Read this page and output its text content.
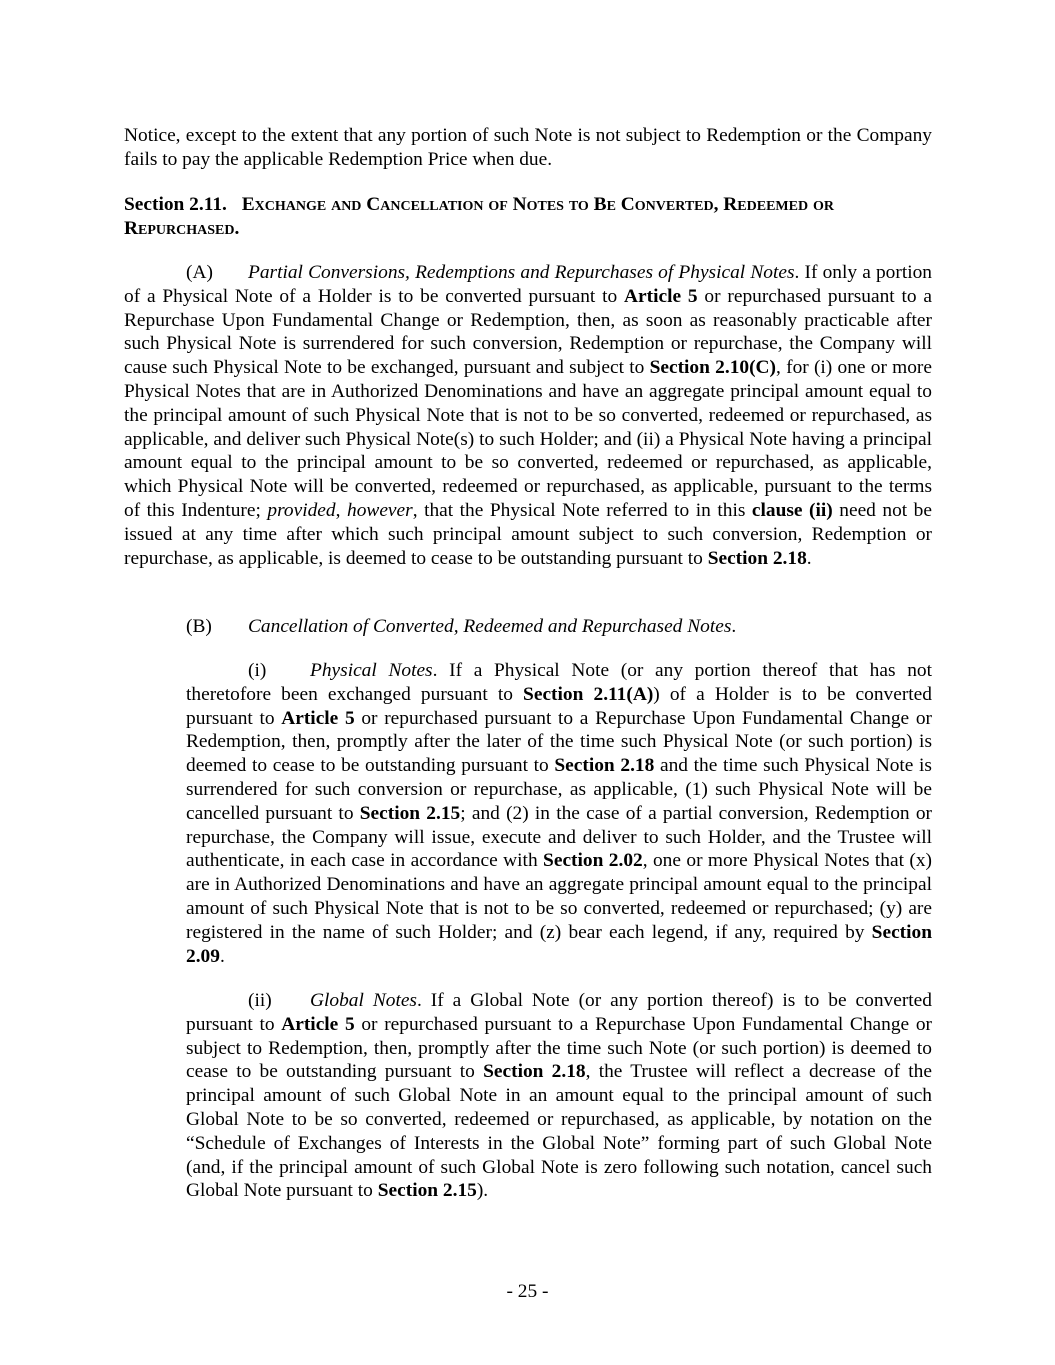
Notice, except to the extent that any portion of such Note is not subject to Redemption or the Company fails to pay the applicable Redemption Price when due.

Section 2.11. Exchange and Cancellation of Notes to Be Converted, Redeemed or Repurchased.

(A) Partial Conversions, Redemptions and Repurchases of Physical Notes. If only a portion of a Physical Note of a Holder is to be converted pursuant to Article 5 or repurchased pursuant to a Repurchase Upon Fundamental Change or Redemption, then, as soon as reasonably practicable after such Physical Note is surrendered for such conversion, Redemption or repurchase, the Company will cause such Physical Note to be exchanged, pursuant and subject to Section 2.10(C), for (i) one or more Physical Notes that are in Authorized Denominations and have an aggregate principal amount equal to the principal amount of such Physical Note that is not to be so converted, redeemed or repurchased, as applicable, and deliver such Physical Note(s) to such Holder; and (ii) a Physical Note having a principal amount equal to the principal amount to be so converted, redeemed or repurchased, as applicable, which Physical Note will be converted, redeemed or repurchased, as applicable, pursuant to the terms of this Indenture; provided, however, that the Physical Note referred to in this clause (ii) need not be issued at any time after which such principal amount subject to such conversion, Redemption or repurchase, as applicable, is deemed to cease to be outstanding pursuant to Section 2.18.

(B) Cancellation of Converted, Redeemed and Repurchased Notes.

(i) Physical Notes. If a Physical Note (or any portion thereof that has not theretofore been exchanged pursuant to Section 2.11(A)) of a Holder is to be converted pursuant to Article 5 or repurchased pursuant to a Repurchase Upon Fundamental Change or Redemption, then, promptly after the later of the time such Physical Note (or such portion) is deemed to cease to be outstanding pursuant to Section 2.18 and the time such Physical Note is surrendered for such conversion or repurchase, as applicable, (1) such Physical Note will be cancelled pursuant to Section 2.15; and (2) in the case of a partial conversion, Redemption or repurchase, the Company will issue, execute and deliver to such Holder, and the Trustee will authenticate, in each case in accordance with Section 2.02, one or more Physical Notes that (x) are in Authorized Denominations and have an aggregate principal amount equal to the principal amount of such Physical Note that is not to be so converted, redeemed or repurchased; (y) are registered in the name of such Holder; and (z) bear each legend, if any, required by Section 2.09.

(ii) Global Notes. If a Global Note (or any portion thereof) is to be converted pursuant to Article 5 or repurchased pursuant to a Repurchase Upon Fundamental Change or subject to Redemption, then, promptly after the time such Note (or such portion) is deemed to cease to be outstanding pursuant to Section 2.18, the Trustee will reflect a decrease of the principal amount of such Global Note in an amount equal to the principal amount of such Global Note to be so converted, redeemed or repurchased, as applicable, by notation on the “Schedule of Exchanges of Interests in the Global Note” forming part of such Global Note (and, if the principal amount of such Global Note is zero following such notation, cancel such Global Note pursuant to Section 2.15).

- 25 -
